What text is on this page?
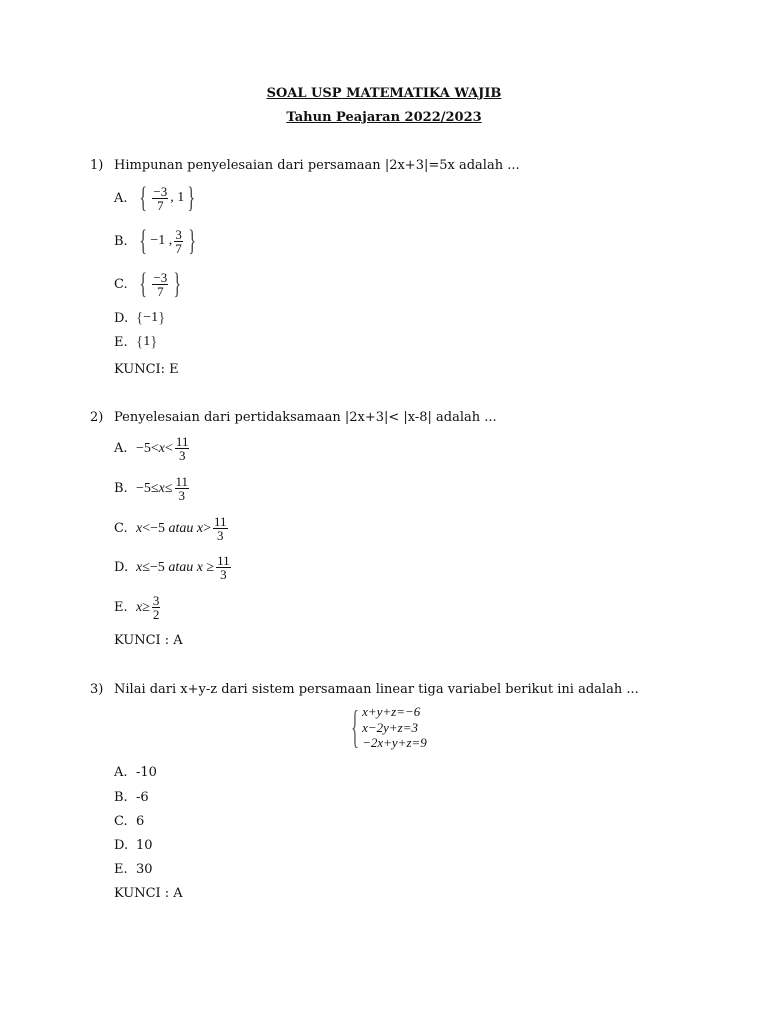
SOAL USP MATEMATIKA WAJIB
Tahun Peajaran 2022/2023
1) Himpunan penyelesaian dari persamaan |2x+3|=5x adalah ...
A. { $\frac{-3}{7}$ , 1 }
B. { −1 , $\frac{3}{7}$ }
C. { $\frac{-3}{7}$ }
D. { −1 }
E. { 1 }
KUNCI: E
2) Penyelesaian dari pertidaksamaan |2x+3|< |x-8| adalah ...
A. $-5<x< \frac{11}{3}$
B. $-5\le x\le \frac{11}{3}$
C. x<−5 atau $x> \frac{11}{3}$
D. x≤−5 atau $x \ge \frac{11}{3}$
E. $x\ge \frac{3}{2}$
KUNCI : A
3) Nilai dari x+y-z dari sistem persamaan linear tiga variabel berikut ini adalah ...
{ x+y+z=−6
x−2y+z=3
−2x+y+z=9
A. -10
B. -6
C. 6
D. 10
E. 30
KUNCI : A
